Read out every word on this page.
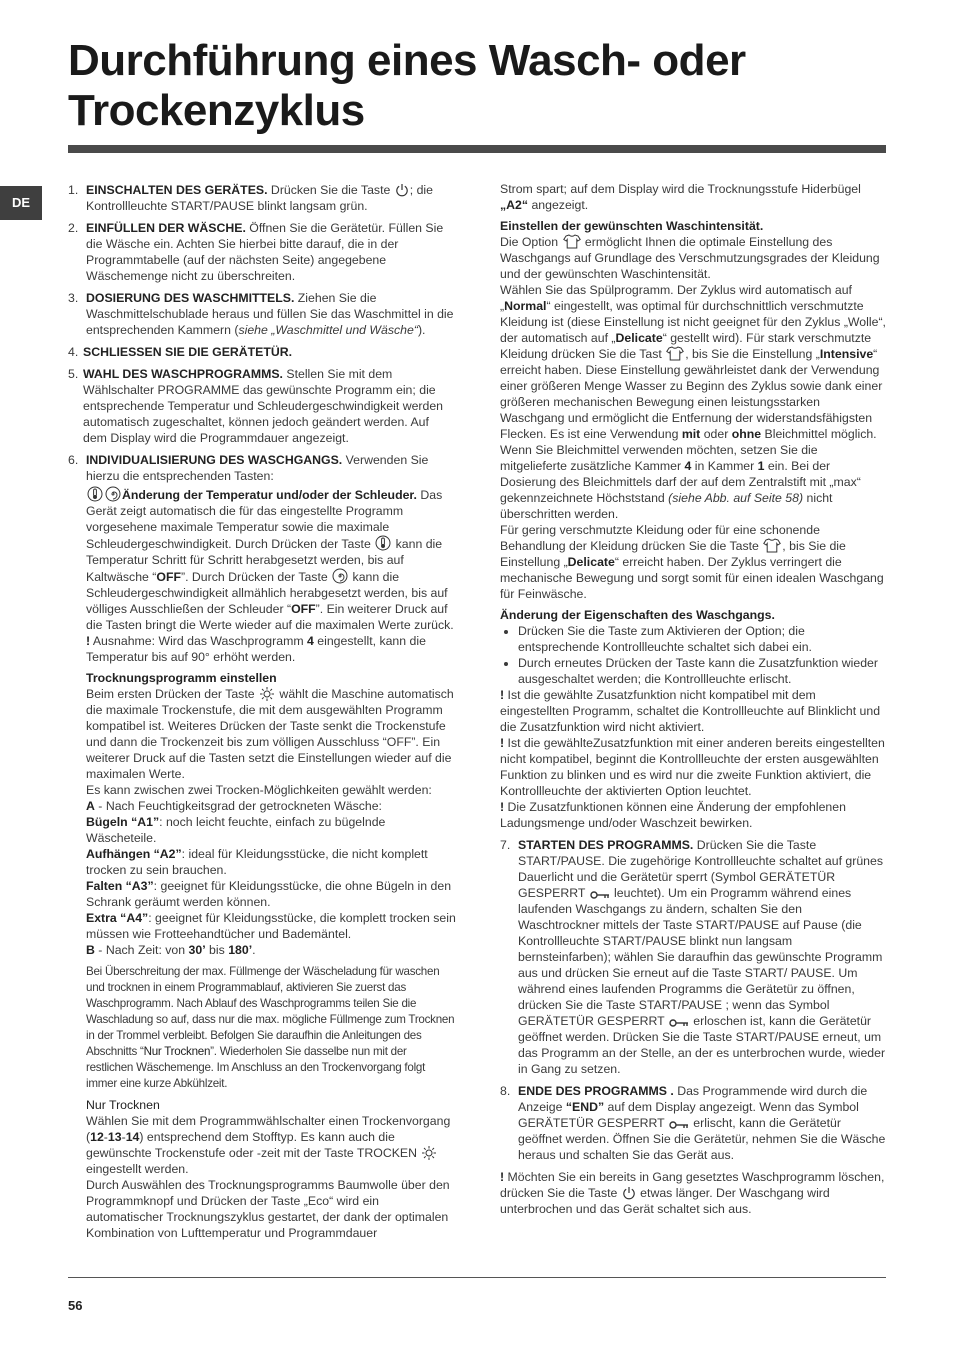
Durchführung eines Wasch- oder Trockenzyklus
DE
1. EINSCHALTEN DES GERÄTES. Drücken Sie die Taste ; die Kontrollleuchte START/PAUSE blinkt langsam grün.
2. EINFÜLLEN DER WÄSCHE. Öffnen Sie die Gerätetür. Füllen Sie die Wäsche ein. Achten Sie hierbei bitte darauf, die in der Programmtabelle (auf der nächsten Seite) angegebene Wäschemenge nicht zu überschreiten.
3. DOSIERUNG DES WASCHMITTELS. Ziehen Sie die Waschmittelschublade heraus und füllen Sie das Waschmittel in die entsprechenden Kammern (siehe „Waschmittel und Wäsche“).
4. SCHLIESSEN SIE DIE GERÄTETÜR.
5. WAHL DES WASCHPROGRAMMS. Stellen Sie mit dem Wählschalter PROGRAMME das gewünschte Programm ein; die entsprechende Temperatur und Schleudergeschwindigkeit werden automatisch zugeschaltet, können jedoch geändert werden. Auf dem Display wird die Programmdauer angezeigt.
6. INDIVIDUALISIERUNG DES WASCHGANGS. Verwenden Sie hierzu die entsprechenden Tasten:

Änderung der Temperatur und/oder der Schleuder. Das Gerät zeigt automatisch die für das eingestellte Programm vorgesehene maximale Temperatur sowie die maximale Schleudergeschwindigkeit. Durch Drücken der Taste  kann die Temperatur Schritt für Schritt herabgesetzt werden, bis auf Kaltwäsche “OFF”. Durch Drücken der Taste  kann die Schleudergeschwindigkeit allmählich herabgesetzt werden, bis auf völliges Ausschließen der Schleuder “OFF”. Ein weiterer Druck auf die Tasten bringt die Werte wieder auf die maximalen Werte zurück.

! Ausnahme: Wird das Waschprogramm 4 eingestellt, kann die Temperatur bis auf 90° erhöht werden.

Trocknungsprogramm einstellen

Beim ersten Drücken der Taste  wählt die Maschine automatisch die maximale Trockenstufe, die mit dem ausgewählten Programm kompatibel ist. Weiteres Drücken der Taste senkt die Trockenstufe und dann die Trockenzeit bis zum völligen Ausschluss “OFF”. Ein weiterer Druck auf die Tasten setzt die Einstellungen wieder auf die maximalen Werte.

Es kann zwischen zwei Trocken-Möglichkeiten gewählt werden:

A - Nach Feuchtigkeitsgrad der getrockneten Wäsche:

Bügeln “A1”: noch leicht feuchte, einfach zu bügelnde Wäscheteile.

Aufhängen “A2”: ideal für Kleidungsstücke, die nicht komplett trocken zu sein brauchen.

Falten “A3”: geeignet für Kleidungsstücke, die ohne Bügeln in den Schrank geräumt werden können.

Extra “A4”: geeignet für Kleidungsstücke, die komplett trocken sein müssen wie Frotteehandtücher und Bademäntel.

B - Nach Zeit: von 30’ bis 180’.

Bei Überschreitung der max. Füllmenge der Wäscheladung für waschen und trocknen in einem Programmablauf, aktivieren Sie zuerst das Waschprogramm. Nach Ablauf des Waschprogramms teilen Sie die Waschladung so auf, dass nur die max. mögliche Füllmenge zum Trocknen in der Trommel verbleibt. Befolgen Sie daraufhin die Anleitungen des Abschnitts “Nur Trocknen”. Wiederholen Sie dasselbe nun mit der restlichen Wäschemenge. Im Anschluss an den Trockenvorgang folgt immer eine kurze Abkühlzeit.

Nur Trocknen

Wählen Sie mit dem Programmwählschalter einen Trockenvorgang (12-13-14) entsprechend dem Stofftyp. Es kann auch die gewünschte Trockenstufe oder -zeit mit der Taste TROCKEN  eingestellt werden.

Durch Auswählen des Trocknungsprogramms Baumwolle über den Programmknopf und Drücken der Taste „Eco“ wird ein automatischer Trocknungszyklus gestartet, der dank der optimalen Kombination von Lufttemperatur und Programmdauer

Strom spart; auf dem Display wird die Trocknungsstufe Hiderbügel „A2“ angezeigt.

Einstellen der gewünschten Waschintensität.

Die Option  ermöglicht Ihnen die optimale Einstellung des Waschgangs auf Grundlage des Verschmutzungsgrades der Kleidung und der gewünschten Waschintensität.
Wählen Sie das Spülprogramm. Der Zyklus wird automatisch auf „Normal“ eingestellt, was optimal für durchschnittlich verschmutzte Kleidung ist (diese Einstellung ist nicht geeignet für den Zyklus „Wolle“, der automatisch auf „Delicate“ gestellt wird). Für stark verschmutzte Kleidung drücken Sie die Tast , bis Sie die Einstellung „Intensive“ erreicht haben. Diese Einstellung gewährleistet dank der Verwendung einer größeren Menge Wasser zu Beginn des Zyklus sowie dank einer größeren mechanischen Bewegung einen leistungsstarken Waschgang und ermöglicht die Entfernung der widerstandsfähigsten Flecken. Es ist eine Verwendung mit oder ohne Bleichmittel möglich.
Wenn Sie Bleichmittel verwenden möchten, setzen Sie die mitgelieferte zusätzliche Kammer 4 in Kammer 1 ein. Bei der Dosierung des Bleichmittels darf der auf dem Zentralstift mit „max“ gekennzeichnete Höchststand (siehe Abb. auf Seite 58) nicht überschritten werden.
Für gering verschmutzte Kleidung oder für eine schonende Behandlung der Kleidung drücken Sie die Taste , bis Sie die Einstellung „Delicate“ erreicht haben. Der Zyklus verringert die mechanische Bewegung und sorgt somit für einen idealen Waschgang für Feinwäsche.

Änderung der Eigenschaften des Waschgangs.

• Drücken Sie die Taste zum Aktivieren der Option; die entsprechende Kontrollleuchte schaltet sich dabei ein.
• Durch erneutes Drücken der Taste kann die Zusatzfunktion wieder ausgeschaltet werden; die Kontrollleuchte erlischt.

! Ist die gewählte Zusatzfunktion nicht kompatibel mit dem eingestellten Programm, schaltet die Kontrollleuchte auf Blinklicht und die Zusatzfunktion wird nicht aktiviert.

! Ist die gewählteZusatzfunktion mit einer anderen bereits eingestellten nicht kompatibel, beginnt die Kontrollleuchte der ersten ausgewählten Funktion zu blinken und es wird nur die zweite Funktion aktiviert, die Kontrollleuchte der aktivierten Option leuchtet.

! Die Zusatzfunktionen können eine Änderung der empfohlenen Ladungsmenge und/oder Waschzeit bewirken.

7. STARTEN DES PROGRAMMS. Drücken Sie die Taste START/PAUSE. Die zugehörige Kontrollleuchte schaltet auf grünes Dauerlicht und die Gerätetür sperrt (Symbol GERÄTETÜR GESPERRT  leuchtet). Um ein Programm während eines laufenden Waschgangs zu ändern, schalten Sie den Waschtrockner mittels der Taste START/PAUSE auf Pause (die Kontrollleuchte START/PAUSE blinkt nun langsam bernsteinfarben); wählen Sie daraufhin das gewünschte Programm aus und drücken Sie erneut auf die Taste START/ PAUSE. Um während eines laufenden Programms die Gerätetür zu öffnen, drücken Sie die Taste START/PAUSE ; wenn das Symbol GERÄTETÜR GESPERRT  erloschen ist, kann die Gerätetür geöffnet werden. Drücken Sie die Taste START/PAUSE erneut, um das Programm an der Stelle, an der es unterbrochen wurde, wieder in Gang zu setzen.
8. ENDE DES PROGRAMMS . Das Programmende wird durch die Anzeige “END” auf dem Display angezeigt. Wenn das Symbol GERÄTETÜR GESPERRT  erlischt, kann die Gerätetür geöffnet werden. Öffnen Sie die Gerätetür, nehmen Sie die Wäsche heraus und schalten Sie das Gerät aus.

! Möchten Sie ein bereits in Gang gesetztes Waschprogramm löschen, drücken Sie die Taste  etwas länger. Der Waschgang wird unterbrochen und das Gerät schaltet sich aus.

56
